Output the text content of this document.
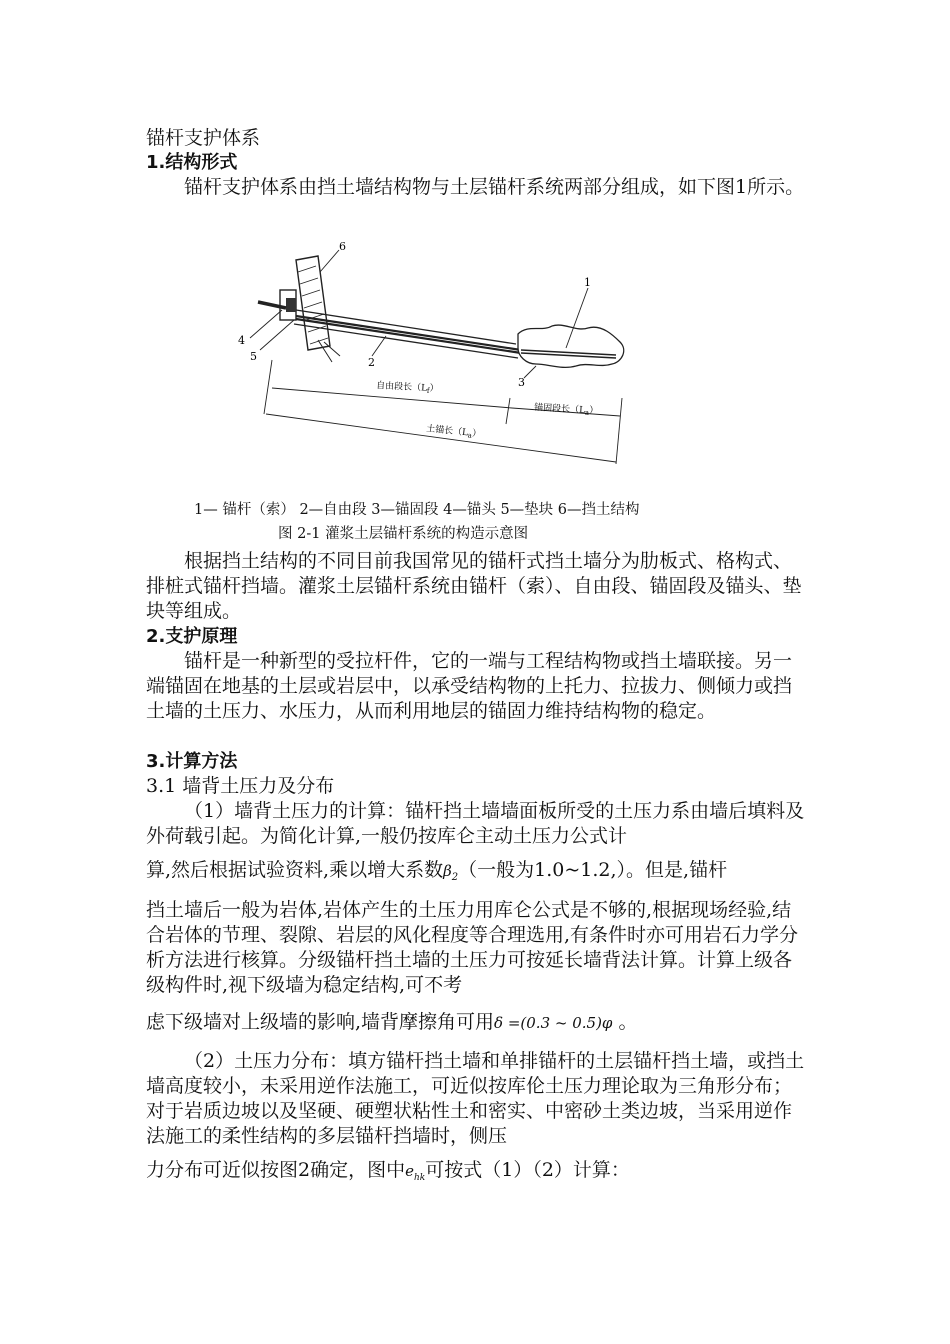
锚杆支护体系

1.结构形式

锚杆支护体系由挡土墙结构物与土层锚杆系统两部分组成，如下图1所示。

6
1
2
3
4
5
自由段长$(L_f)$
锚固段长$(L_a)$
土锚长$(L_a)$
1— 锚杆（索） 2—自由段 3—锚固段 4—锚头 5—垫块 6—挡土结构
图 2-1 灌浆土层锚杆系统的构造示意图

根据挡土结构的不同目前我国常见的锚杆式挡土墙分为肋板式、格构式、排桩式锚杆挡墙。灌浆土层锚杆系统由锚杆（索）、自由段、锚固段及锚头、垫块等组成。

2.支护原理

锚杆是一种新型的受拉杆件，它的一端与工程结构物或挡土墙联接。另一端锚固在地基的土层或岩层中，以承受结构物的上托力、拉拔力、侧倾力或挡土墙的土压力、水压力，从而利用地层的锚固力维持结构物的稳定。

3.计算方法

3.1 墙背土压力及分布

（1）墙背土压力的计算：锚杆挡土墙墙面板所受的土压力系由墙后填料及外荷载引起。为简化计算,一般仍按库仑主动土压力公式计

算,然后根据试验资料,乘以增大系数$\beta_2$（一般为1.0~1.2,）。但是,锚杆

挡土墙后一般为岩体,岩体产生的土压力用库仑公式是不够的,根据现场经验,结合岩体的节理、裂隙、岩层的风化程度等合理选用,有条件时亦可用岩石力学分析方法进行核算。分级锚杆挡土墙的土压力可按延长墙背法计算。计算上级各级构件时,视下级墙为稳定结构,可不考

虑下级墙对上级墙的影响,墙背摩擦角可用δ =(0.3 ~ 0.5)φ 。

（2）土压力分布：填方锚杆挡土墙和单排锚杆的土层锚杆挡土墙，或挡土墙高度较小，未采用逆作法施工，可近似按库伦土压力理论取为三角形分布；对于岩质边坡以及坚硬、硬塑状粘性土和密实、中密砂土类边坡，当采用逆作法施工的柔性结构的多层锚杆挡墙时，侧压

力分布可近似按图2确定，图中$e_{hk}$可按式（1）（2）计算：
